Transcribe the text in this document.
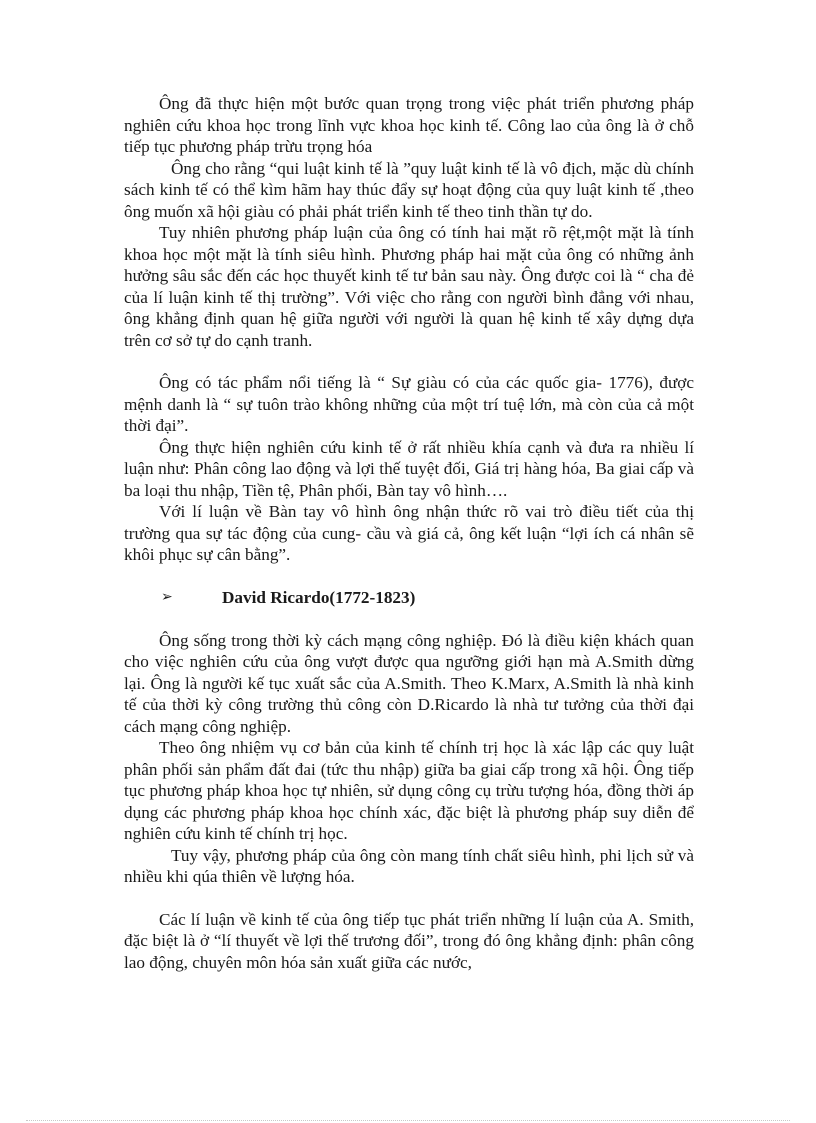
Ông đã thực hiện một bước quan trọng trong việc phát triển phương pháp nghiên cứu khoa học trong lĩnh vực khoa học kinh tế. Công lao của ông là ở chỗ tiếp tục phương pháp trừu trọng hóa

Ông cho rằng “qui luật kinh tế là ”quy luật kinh tế là vô địch, mặc dù chính sách kinh tế có thể kìm hãm hay thúc đẩy sự hoạt động của quy luật kinh tế ,theo ông muốn xã hội giàu có phải phát triển kinh tế theo tinh thần tự do.

Tuy nhiên phương pháp luận của ông có tính hai mặt rõ rệt,một mặt là tính khoa học một mặt là tính siêu hình. Phương pháp hai mặt của ông có những ảnh hưởng sâu sắc đến các học thuyết kinh tế tư bản sau này. Ông được coi là “ cha đẻ của lí luận kinh tế thị trường”. Với việc cho rằng con người bình đẳng với nhau, ông khẳng định quan hệ giữa người với người là quan hệ kinh tế xây dựng dựa trên cơ sở tự do cạnh tranh.

Ông có tác phẩm nổi tiếng là “ Sự giàu có của các quốc gia- 1776), được mệnh danh là “ sự tuôn trào không những của một trí tuệ lớn, mà còn của cả một thời đại”.

Ông thực hiện nghiên cứu kinh tế ở rất nhiều khía cạnh và đưa ra nhiều lí luận như: Phân công lao động và lợi thế tuyệt đối, Giá trị hàng hóa, Ba giai cấp và ba loại thu nhập, Tiền tệ, Phân phối, Bàn tay vô hình….

Với lí luận về Bàn tay vô hình ông nhận thức rõ vai trò điều tiết của thị trường qua sự tác động của cung- cầu và giá cả, ông kết luận “lợi ích cá nhân sẽ khôi phục sự cân bằng”.

➢	David Ricardo (1772-1823)

Ông sống trong thời kỳ cách mạng công nghiệp. Đó là điều kiện khách quan cho việc nghiên cứu của ông vượt được qua ngưỡng giới hạn mà A.Smith dừng lại. Ông là người kế tục xuất sắc của A.Smith. Theo K.Marx, A.Smith là nhà kinh tế của thời kỳ công trường thủ công còn D.Ricardo là nhà tư tưởng của thời đại cách mạng công nghiệp.

Theo ông nhiệm vụ cơ bản của kinh tế chính trị học là xác lập các quy luật phân phối sản phẩm đất đai (tức thu nhập) giữa ba giai cấp trong xã hội. Ông tiếp tục phương pháp khoa học tự nhiên, sử dụng công cụ trừu tượng hóa, đồng thời áp dụng các phương pháp khoa học chính xác, đặc biệt là phương pháp suy diễn để nghiên cứu kinh tế chính trị học.

Tuy vậy, phương pháp của ông còn mang tính chất siêu hình, phi lịch sử và nhiều khi qúa thiên về lượng hóa.

Các lí luận về kinh tế của ông tiếp tục phát triển những lí luận của A. Smith, đặc biệt là ở “lí thuyết về lợi thế trương đối”, trong đó ông khẳng định: phân công lao động, chuyên môn hóa sản xuất giữa các nước,
